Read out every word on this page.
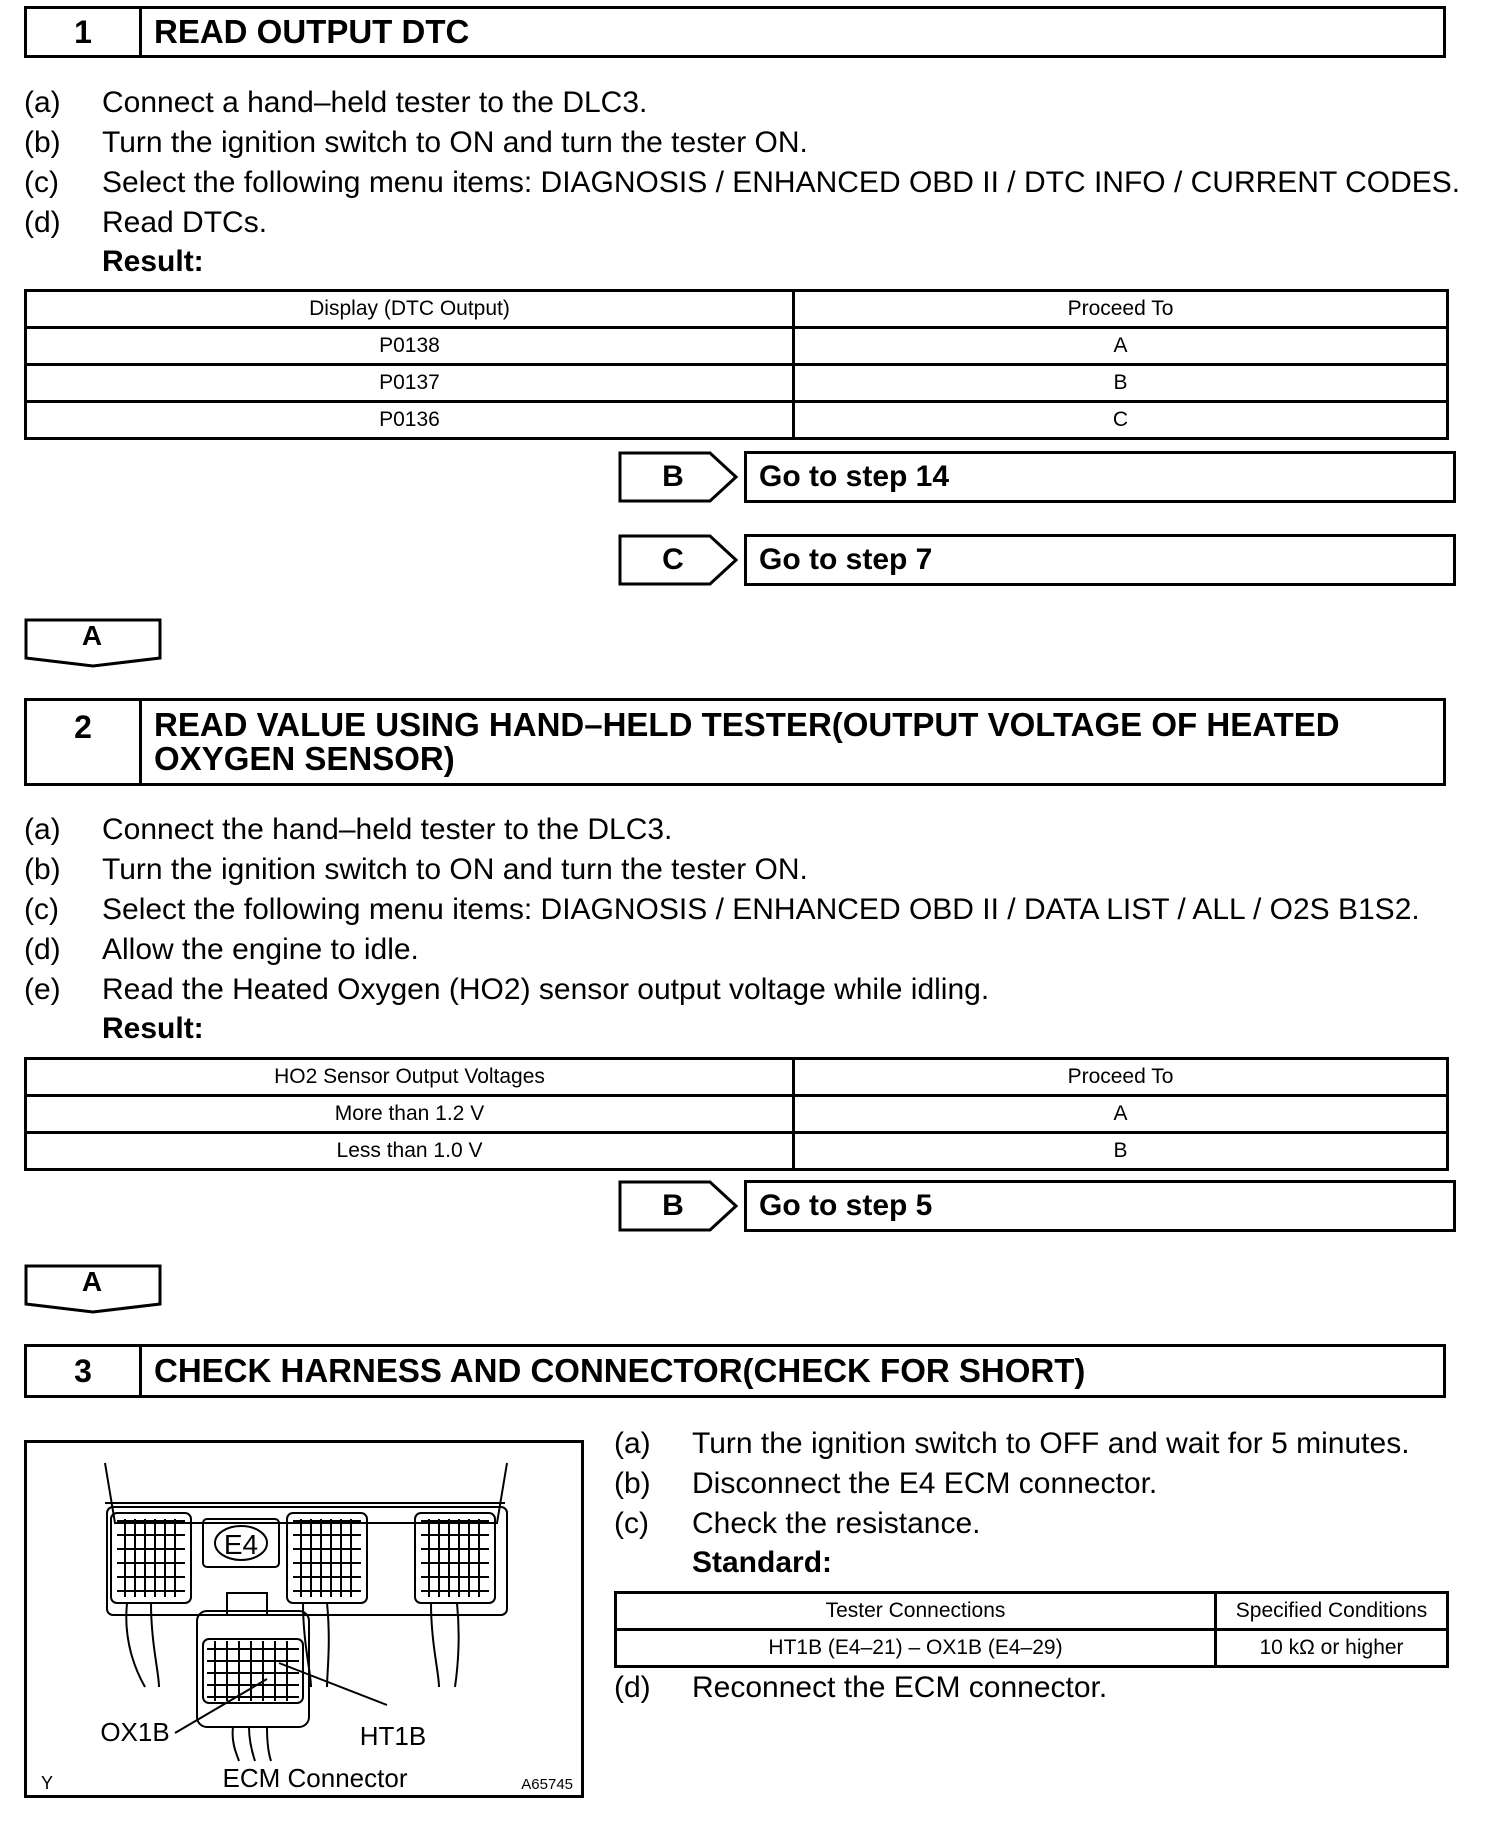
1	READ OUTPUT DTC
(a)	Connect a hand–held tester to the DLC3.
(b)	Turn the ignition switch to ON and turn the tester ON.
(c)	Select the following menu items: DIAGNOSIS / ENHANCED OBD II / DTC INFO / CURRENT CODES.
(d)	Read DTCs.
Result:
Display (DTC Output)	Proceed To
P0138	A
P0137	B
P0136	C
B	Go to step 14
C	Go to step 7
A
2	READ VALUE USING HAND–HELD TESTER(OUTPUT VOLTAGE OF HEATED
OXYGEN SENSOR)
(a)	Connect the hand–held tester to the DLC3.
(b)	Turn the ignition switch to ON and turn the tester ON.
(c)	Select the following menu items: DIAGNOSIS / ENHANCED OBD II / DATA LIST / ALL / O2S B1S2.
(d)	Allow the engine to idle.
(e)	Read the Heated Oxygen (HO2) sensor output voltage while idling.
Result:
HO2 Sensor Output Voltages	Proceed To
More than 1.2 V	A
Less than 1.0 V	B
B	Go to step 5
A
3	CHECK HARNESS AND CONNECTOR(CHECK FOR SHORT)
E4
OX1B	HT1B
ECM Connector
Y	A65745
(a)	Turn the ignition switch to OFF and wait for 5 minutes.
(b)	Disconnect the E4 ECM connector.
(c)	Check the resistance.
Standard:
Tester Connections	Specified Conditions
HT1B (E4–21) – OX1B (E4–29)	10 kΩ or higher
(d)	Reconnect the ECM connector.
